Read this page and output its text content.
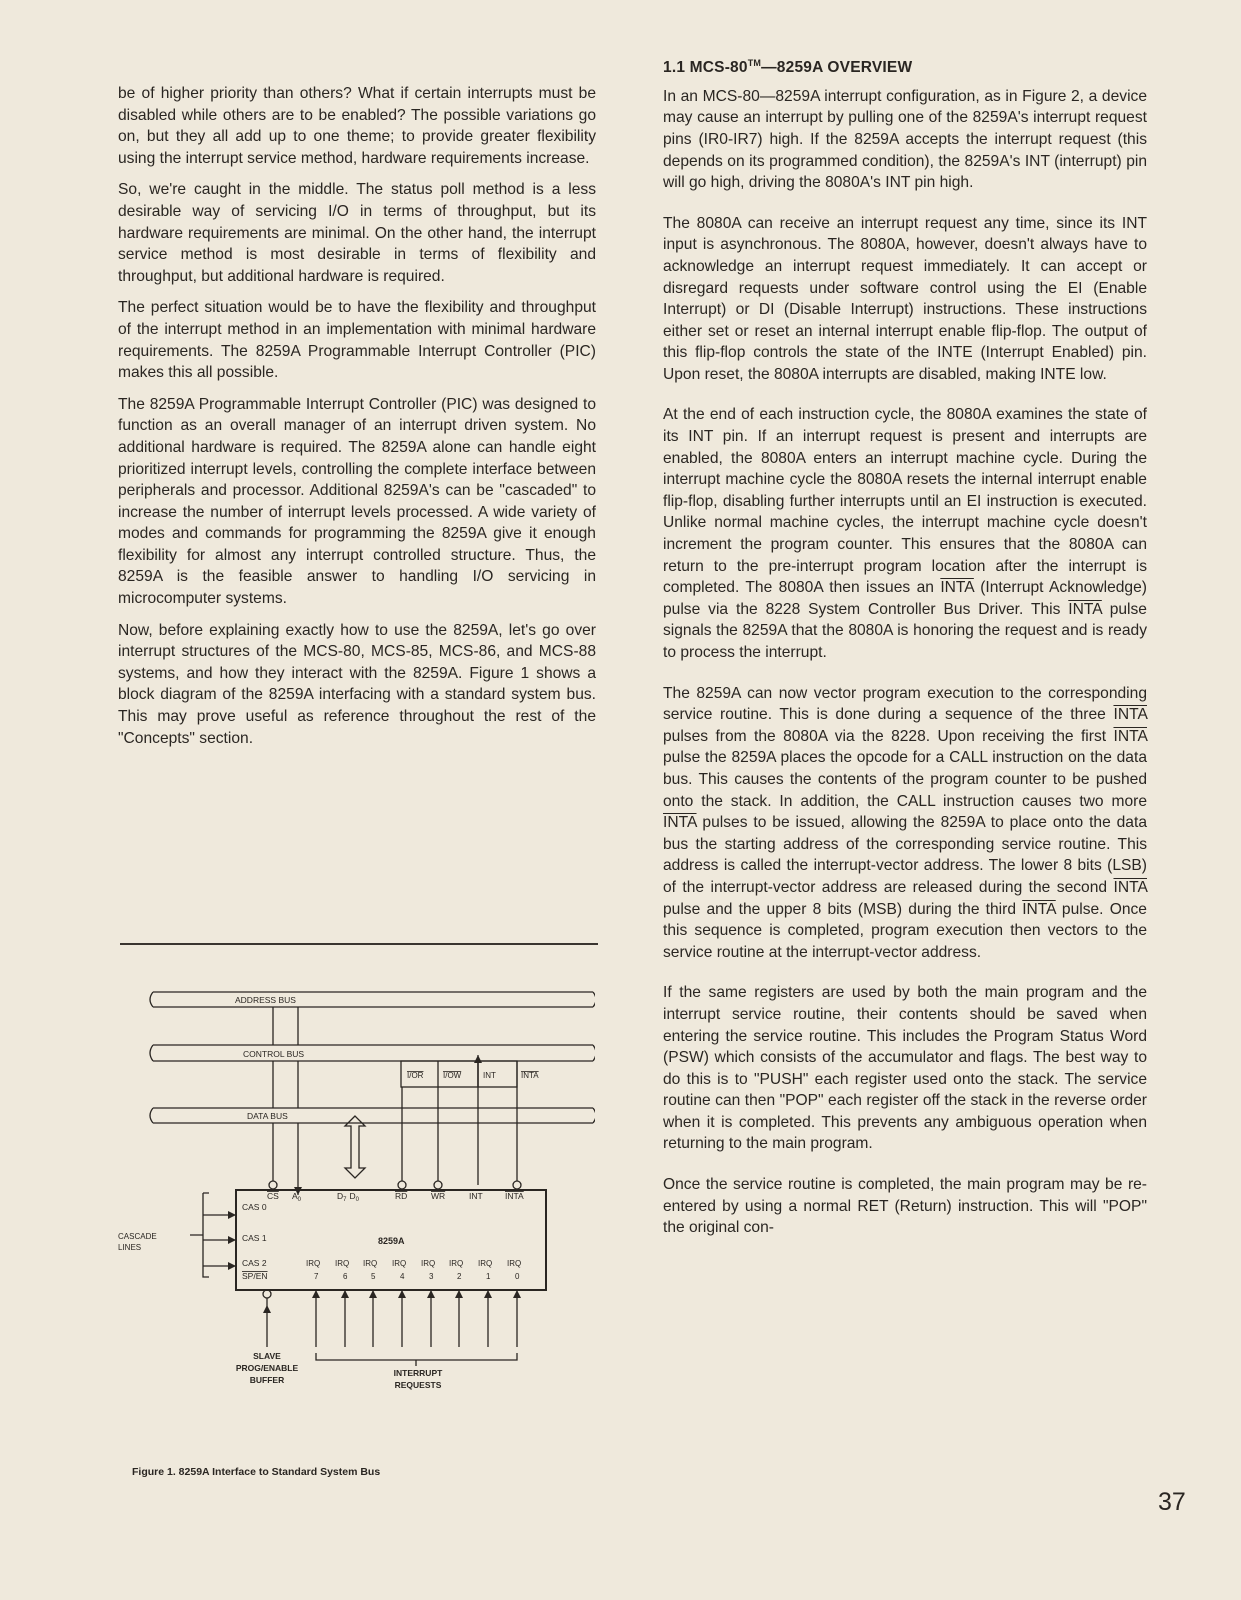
be of higher priority than others? What if certain interrupts must be disabled while others are to be enabled? The possible variations go on, but they all add up to one theme; to provide greater flexibility using the interrupt service method, hardware requirements increase.

So, we're caught in the middle. The status poll method is a less desirable way of servicing I/O in terms of throughput, but its hardware requirements are minimal. On the other hand, the interrupt service method is most desirable in terms of flexibility and throughput, but additional hardware is required.

The perfect situation would be to have the flexibility and throughput of the interrupt method in an implementation with minimal hardware requirements. The 8259A Programmable Interrupt Controller (PIC) makes this all possible.

The 8259A Programmable Interrupt Controller (PIC) was designed to function as an overall manager of an interrupt driven system. No additional hardware is required. The 8259A alone can handle eight prioritized interrupt levels, controlling the complete interface between peripherals and processor. Additional 8259A's can be "cascaded" to increase the number of interrupt levels processed. A wide variety of modes and commands for programming the 8259A give it enough flexibility for almost any interrupt controlled structure. Thus, the 8259A is the feasible answer to handling I/O servicing in microcomputer systems.

Now, before explaining exactly how to use the 8259A, let's go over interrupt structures of the MCS-80, MCS-85, MCS-86, and MCS-88 systems, and how they interact with the 8259A. Figure 1 shows a block diagram of the 8259A interfacing with a standard system bus. This may prove useful as reference throughout the rest of the "Concepts" section.

1.1 MCS-80™—8259A OVERVIEW

In an MCS-80—8259A interrupt configuration, as in Figure 2, a device may cause an interrupt by pulling one of the 8259A's interrupt request pins (IR0-IR7) high. If the 8259A accepts the interrupt request (this depends on its programmed condition), the 8259A's INT (interrupt) pin will go high, driving the 8080A's INT pin high.

The 8080A can receive an interrupt request any time, since its INT input is asynchronous. The 8080A, however, doesn't always have to acknowledge an interrupt request immediately. It can accept or disregard requests under software control using the EI (Enable Interrupt) or DI (Disable Interrupt) instructions. These instructions either set or reset an internal interrupt enable flip-flop. The output of this flip-flop controls the state of the INTE (Interrupt Enabled) pin. Upon reset, the 8080A interrupts are disabled, making INTE low.

At the end of each instruction cycle, the 8080A examines the state of its INT pin. If an interrupt request is present and interrupts are enabled, the 8080A enters an interrupt machine cycle. During the interrupt machine cycle the 8080A resets the internal interrupt enable flip-flop, disabling further interrupts until an EI instruction is executed. Unlike normal machine cycles, the interrupt machine cycle doesn't increment the program counter. This ensures that the 8080A can return to the pre-interrupt program location after the interrupt is completed. The 8080A then issues an INTA (Interrupt Acknowledge) pulse via the 8228 System Controller Bus Driver. This INTA pulse signals the 8259A that the 8080A is honoring the request and is ready to process the interrupt.

The 8259A can now vector program execution to the corresponding service routine. This is done during a sequence of the three INTA pulses from the 8080A via the 8228. Upon receiving the first INTA pulse the 8259A places the opcode for a CALL instruction on the data bus. This causes the contents of the program counter to be pushed onto the stack. In addition, the CALL instruction causes two more INTA pulses to be issued, allowing the 8259A to place onto the data bus the starting address of the corresponding service routine. This address is called the interrupt-vector address. The lower 8 bits (LSB) of the interrupt-vector address are released during the second INTA pulse and the upper 8 bits (MSB) during the third INTA pulse. Once this sequence is completed, program execution then vectors to the service routine at the interrupt-vector address.

If the same registers are used by both the main program and the interrupt service routine, their contents should be saved when entering the service routine. This includes the Program Status Word (PSW) which consists of the accumulator and flags. The best way to do this is to "PUSH" each register used onto the stack. The service routine can then "POP" each register off the stack in the reverse order when it is completed. This prevents any ambiguous operation when returning to the main program.

Once the service routine is completed, the main program may be re-entered by using a normal RET (Return) instruction. This will "POP" the original con-

ADDRESS BUS
CONTROL BUS
DATA BUS
I/OR I/OW	INT	INTA
CS $A_0$	$D_7$ $D_0$	RD	WR	INT	INTA
8259A
CAS 0
CAS 1
CAS 2
SP/EN
IRQ IRQ IRQ IRQ IRQ IRQ IRQ IRQ
7	6	5	4	3	2	1	0
CASCADE
LINES
SLAVE
PROG/ENABLE
BUFFER
INTERRUPT
REQUESTS
Figure 1. 8259A Interface to Standard System Bus
37
